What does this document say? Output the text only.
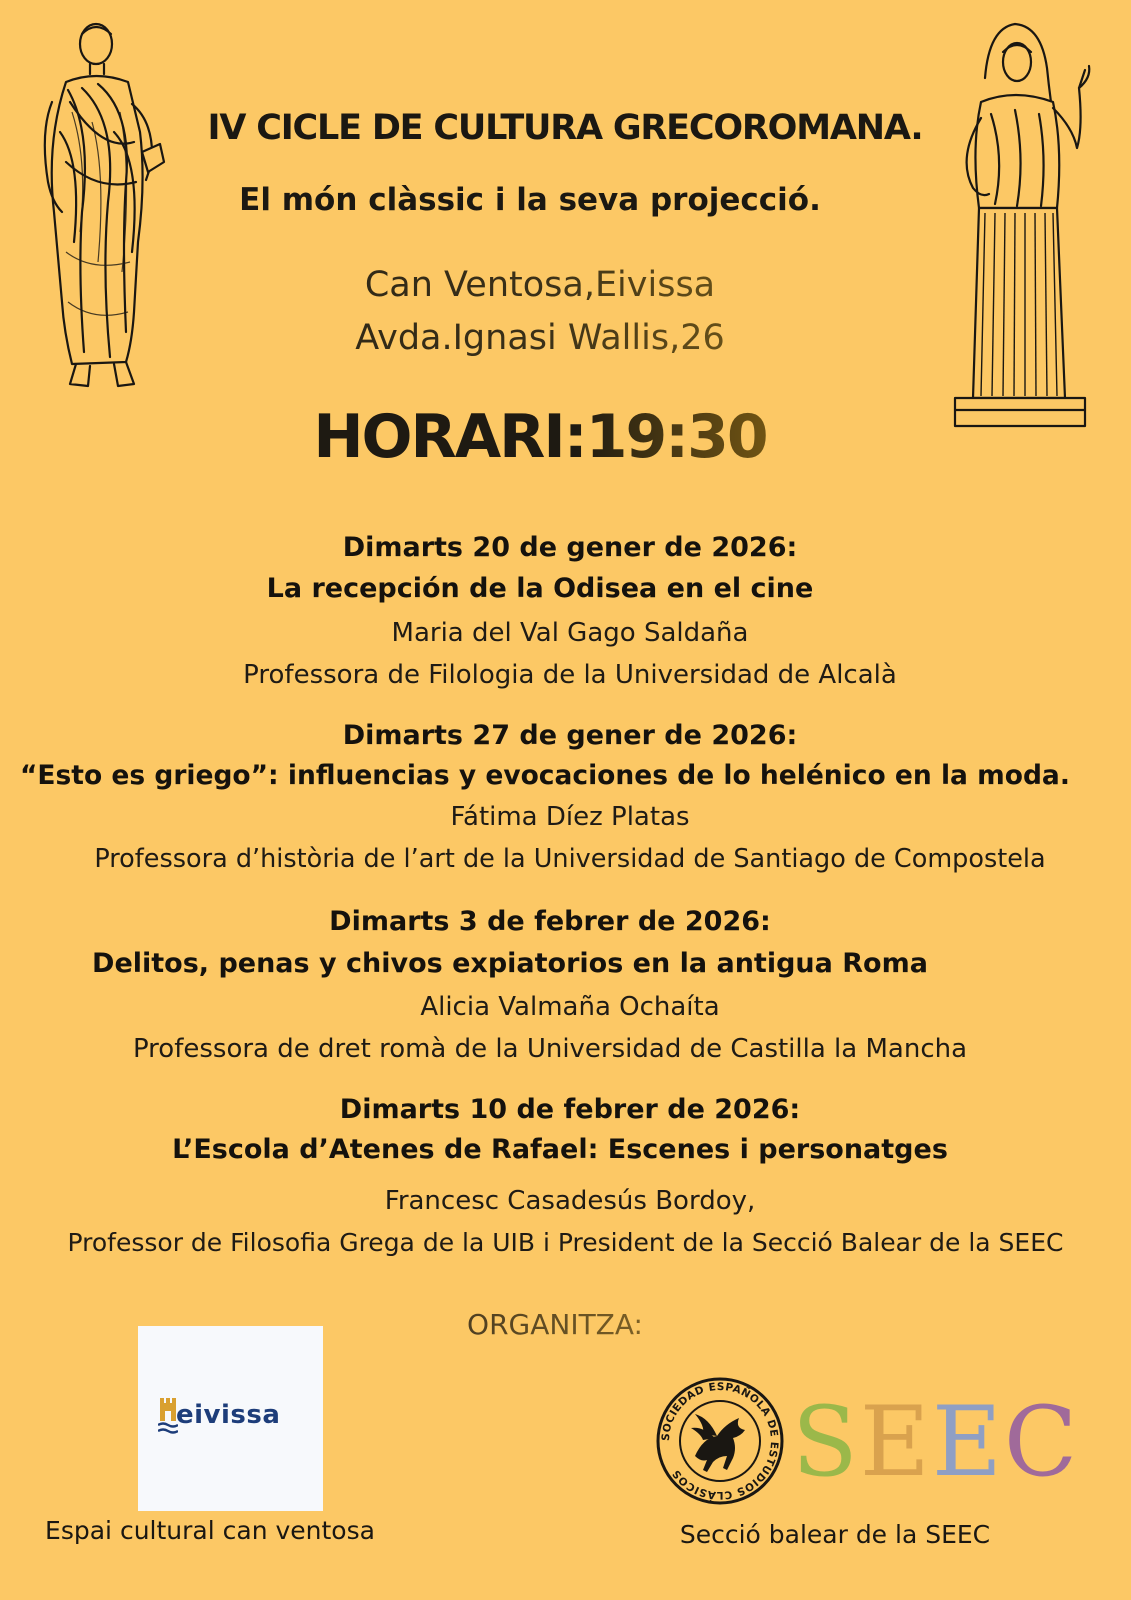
IV CICLE DE CULTURA GRECOROMANA.
El món clàssic i la seva projecció.
Can Ventosa,Eivissa
Avda.Ignasi Wallis,26
HORARI:19:30
Dimarts 20 de gener de 2026:
La recepción de la Odisea en el cine
Maria del Val Gago Saldaña
Professora de Filologia de la Universidad de Alcalà
Dimarts 27 de gener de 2026:
“Esto es griego”: influencias y evocaciones de lo helénico en la moda.
Fátima Díez Platas
Professora d’història de l’art de la Universidad de Santiago de Compostela
Dimarts 3 de febrer de 2026:
Delitos, penas y chivos expiatorios en la antigua Roma
Alicia Valmaña Ochaíta
Professora de dret romà de la Universidad de Castilla la Mancha
Dimarts 10 de febrer de 2026:
L’Escola d’Atenes de Rafael: Escenes i personatges
Francesc Casadesús Bordoy,
Professor de Filosofia Grega de la UIB i President de la Secció Balear de la SEEC
ORGANITZA:
eivissa
Espai cultural can ventosa
SOCIEDAD ESPAÑOLA DE ESTUDIOS CLÁSICOS	SEEC
Secció balear de la SEEC
